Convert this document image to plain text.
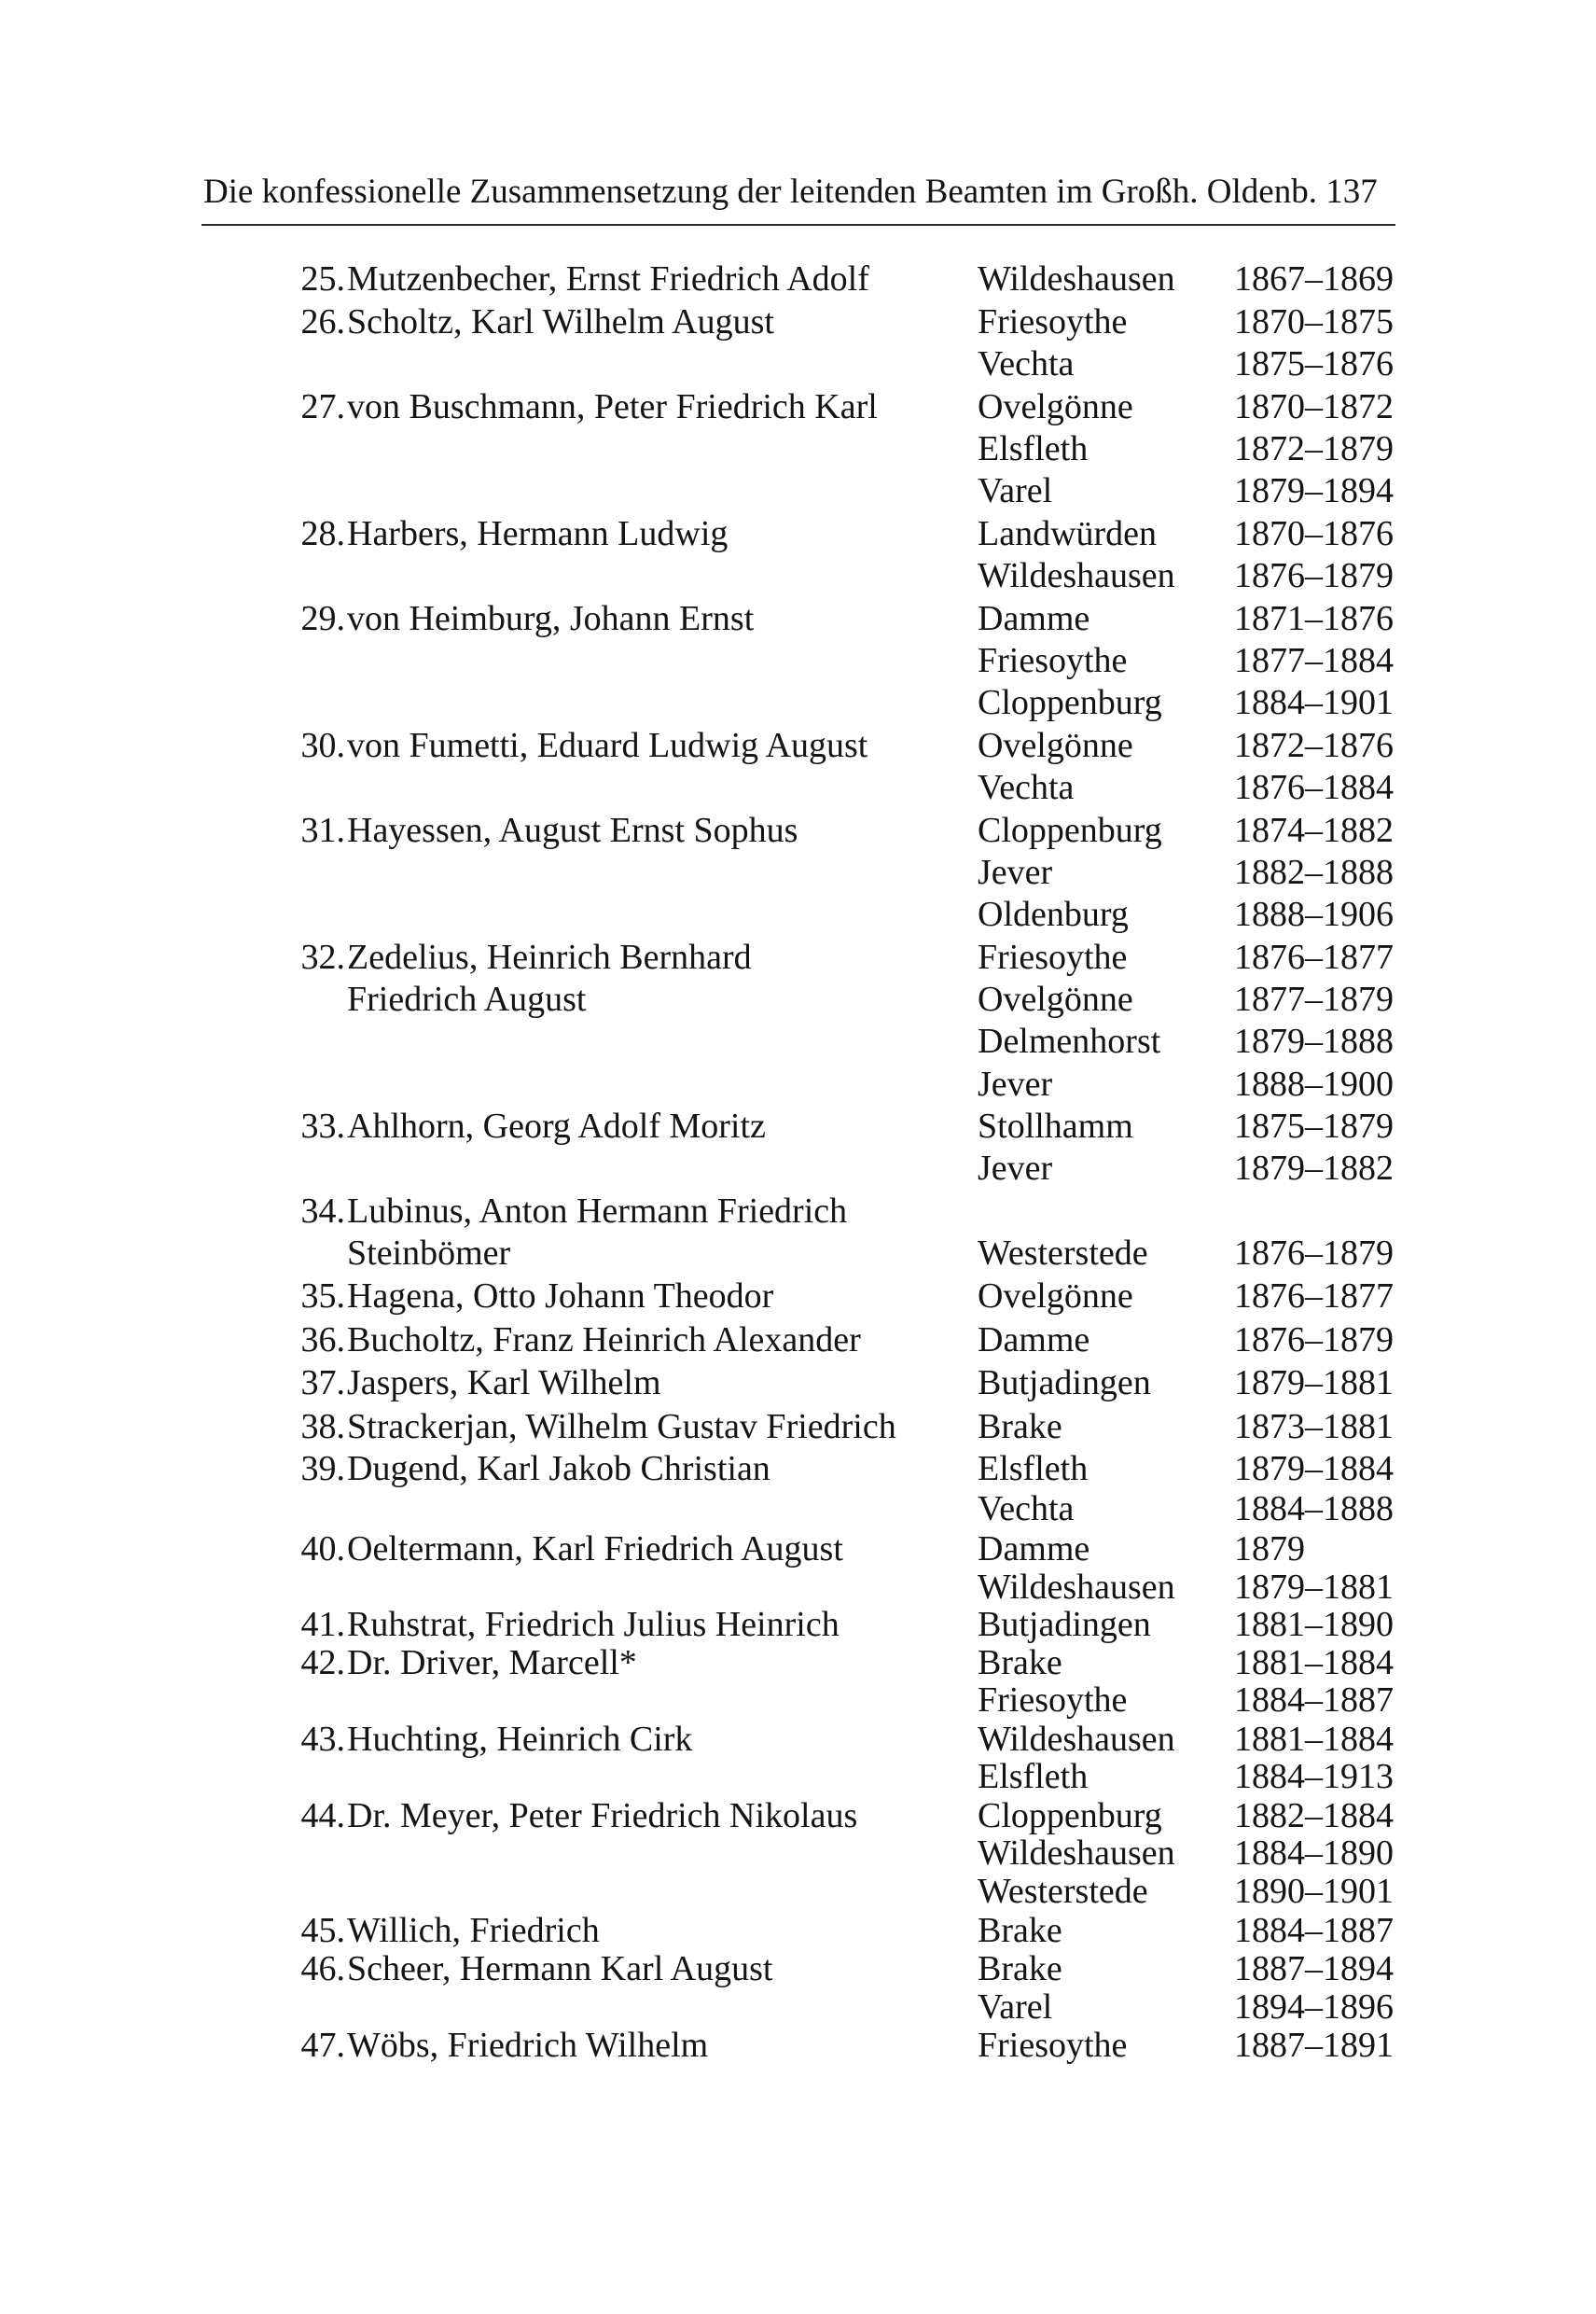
Die konfessionelle Zusammensetzung der leitenden Beamten im Großh. Oldenb. 137
25. Mutzenbecher, Ernst Friedrich Adolf	Wildeshausen 1867–1869
26. Scholtz, Karl Wilhelm August	Friesoythe	1870–1875
Vechta	1875–1876
27. von Buschmann, Peter Friedrich Karl	Ovelgönne	1870–1872
Elsfleth	1872–1879
Varel	1879–1894
28. Harbers, Hermann Ludwig	Landwürden 1870–1876
Wildeshausen 1876–1879
29. von Heimburg, Johann Ernst	Damme	1871–1876
Friesoythe	1877–1884
Cloppenburg 1884–1901
30. von Fumetti, Eduard Ludwig August	Ovelgönne	1872–1876
Vechta	1876–1884
31. Hayessen, August Ernst Sophus	Cloppenburg 1874–1882
Jever	1882–1888
Oldenburg	1888–1906
32. Zedelius, Heinrich Bernhard	Friesoythe	1876–1877
Friedrich August	Ovelgönne	1877–1879
Delmenhorst 1879–1888
Jever	1888–1900
33. Ahlhorn, Georg Adolf Moritz	Stollhamm	1875–1879
Jever	1879–1882
34. Lubinus, Anton Hermann Friedrich
Steinbömer	Westerstede 1876–1879
35. Hagena, Otto Johann Theodor	Ovelgönne	1876–1877
36. Bucholtz, Franz Heinrich Alexander	Damme	1876–1879
37. Jaspers, Karl Wilhelm	Butjadingen 1879–1881
38. Strackerjan, Wilhelm Gustav Friedrich Brake	1873–1881
39. Dugend, Karl Jakob Christian	Elsfleth	1879–1884
Vechta	1884–1888
40. Oeltermann, Karl Friedrich August	Damme	1879
Wildeshausen 1879–1881
41. Ruhstrat, Friedrich Julius Heinrich	Butjadingen 1881–1890
42. Dr. Driver, Marcell*	Brake	1881–1884
Friesoythe	1884–1887
43. Huchting, Heinrich Cirk	Wildeshausen 1881–1884
Elsfleth	1884–1913
44. Dr. Meyer, Peter Friedrich Nikolaus	Cloppenburg 1882–1884
Wildeshausen 1884–1890
Westerstede 1890–1901
45. Willich, Friedrich	Brake	1884–1887
46. Scheer, Hermann Karl August	Brake	1887–1894
Varel	1894–1896
47. Wöbs, Friedrich Wilhelm	Friesoythe	1887–1891
